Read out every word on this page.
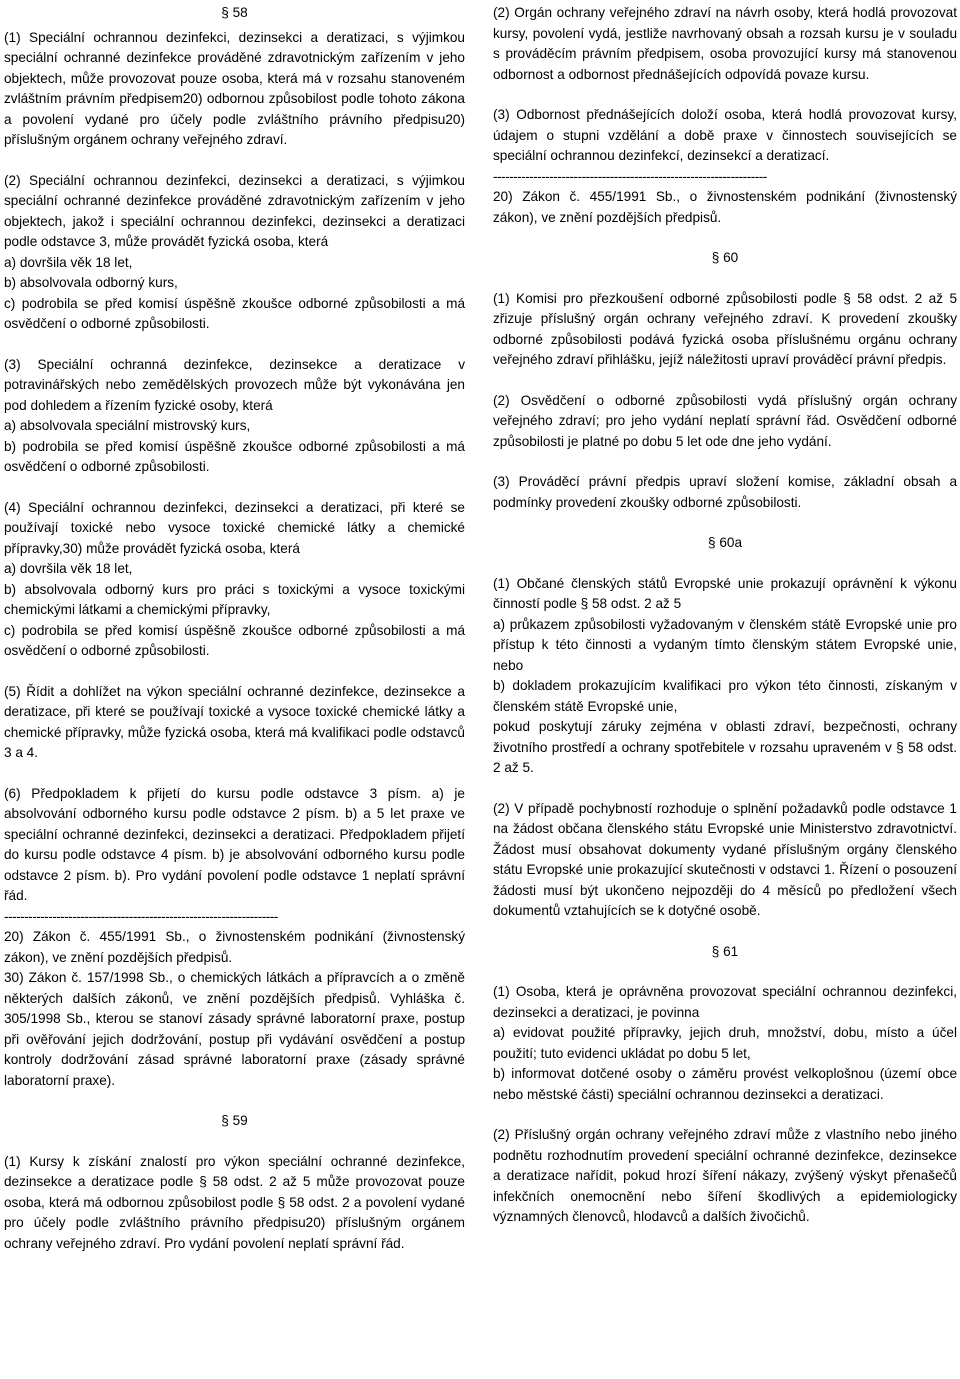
§ 58

(1) Speciální ochrannou dezinfekci, dezinsekci a deratizaci, s výjimkou speciální ochranné dezinfekce prováděné zdravotnickým zařízením v jeho objektech, může provozovat pouze osoba, která má v rozsahu stanoveném zvláštním právním předpisem20) odbornou způsobilost podle tohoto zákona a povolení vydané pro účely podle zvláštního právního předpisu20) příslušným orgánem ochrany veřejného zdraví.

(2) Speciální ochrannou dezinfekci, dezinsekci a deratizaci, s výjimkou speciální ochranné dezinfekce prováděné zdravotnickým zařízením v jeho objektech, jakož i speciální ochrannou dezinfekci, dezinsekci a deratizaci podle odstavce 3, může provádět fyzická osoba, která

a) dovršila věk 18 let,

b) absolvovala odborný kurs,

c) podrobila se před komisí úspěšně zkoušce odborné způsobilosti a má osvědčení o odborné způsobilosti.

(3) Speciální ochranná dezinfekce, dezinsekce a deratizace v potravinářských nebo zemědělských provozech může být vykonávána jen pod dohledem a řízením fyzické osoby, která

a) absolvovala speciální mistrovský kurs,

b) podrobila se před komisí úspěšně zkoušce odborné způsobilosti a má osvědčení o odborné způsobilosti.

(4) Speciální ochrannou dezinfekci, dezinsekci a deratizaci, při které se používají toxické nebo vysoce toxické chemické látky a chemické přípravky,30) může provádět fyzická osoba, která

a) dovršila věk 18 let,

b) absolvovala odborný kurs pro práci s toxickými a vysoce toxickými chemickými látkami a chemickými přípravky,

c) podrobila se před komisí úspěšně zkoušce odborné způsobilosti a má osvědčení o odborné způsobilosti.

(5) Řídit a dohlížet na výkon speciální ochranné dezinfekce, dezinsekce a deratizace, při které se používají toxické a vysoce toxické chemické látky a chemické přípravky, může fyzická osoba, která má kvalifikaci podle odstavců 3 a 4.

(6) Předpokladem k přijetí do kursu podle odstavce 3 písm. a) je absolvování odborného kursu podle odstavce 2 písm. b) a 5 let praxe ve speciální ochranné dezinfekci, dezinsekci a deratizaci. Předpokladem přijetí do kursu podle odstavce 4 písm. b) je absolvování odborného kursu podle odstavce 2 písm. b). Pro vydání povolení podle odstavce 1 neplatí správní řád.

--------------------------------------------------------------------

20) Zákon č. 455/1991 Sb., o živnostenském podnikání (živnostenský zákon), ve znění pozdějších předpisů.

30) Zákon č. 157/1998 Sb., o chemických látkách a přípravcích a o změně některých dalších zákonů, ve znění pozdějších předpisů. Vyhláška č. 305/1998 Sb., kterou se stanoví zásady správné laboratorní praxe, postup při ověřování jejich dodržování, postup při vydávání osvědčení a postup kontroly dodržování zásad správné laboratorní praxe (zásady správné laboratorní praxe).

§ 59

(1) Kursy k získání znalostí pro výkon speciální ochranné dezinfekce, dezinsekce a deratizace podle § 58 odst. 2 až 5 může provozovat pouze osoba, která má odbornou způsobilost podle § 58 odst. 2 a povolení vydané pro účely podle zvláštního právního předpisu20) příslušným orgánem ochrany veřejného zdraví. Pro vydání povolení neplatí správní řád.

(2) Orgán ochrany veřejného zdraví na návrh osoby, která hodlá provozovat kursy, povolení vydá, jestliže navrhovaný obsah a rozsah kursu je v souladu s prováděcím právním předpisem, osoba provozující kursy má stanovenou odbornost a odbornost přednášejících odpovídá povaze kursu.

(3) Odbornost přednášejících doloží osoba, která hodlá provozovat kursy, údajem o stupni vzdělání a době praxe v činnostech souvisejících se speciální ochrannou dezinfekcí, dezinsekcí a deratizací.

--------------------------------------------------------------------

20) Zákon č. 455/1991 Sb., o živnostenském podnikání (živnostenský zákon), ve znění pozdějších předpisů.

§ 60

(1) Komisi pro přezkoušení odborné způsobilosti podle § 58 odst. 2 až 5 zřizuje příslušný orgán ochrany veřejného zdraví. K provedení zkoušky odborné způsobilosti podává fyzická osoba příslušnému orgánu ochrany veřejného zdraví přihlášku, jejíž náležitosti upraví prováděcí právní předpis.

(2) Osvědčení o odborné způsobilosti vydá příslušný orgán ochrany veřejného zdraví; pro jeho vydání neplatí správní řád. Osvědčení odborné způsobilosti je platné po dobu 5 let ode dne jeho vydání.

(3) Prováděcí právní předpis upraví složení komise, základní obsah a podmínky provedení zkoušky odborné způsobilosti.

§ 60a

(1) Občané členských států Evropské unie prokazují oprávnění k výkonu činností podle § 58 odst. 2 až 5

a) průkazem způsobilosti vyžadovaným v členském státě Evropské unie pro přístup k této činnosti a vydaným tímto členským státem Evropské unie, nebo

b) dokladem prokazujícím kvalifikaci pro výkon této činnosti, získaným v členském státě Evropské unie,

pokud poskytují záruky zejména v oblasti zdraví, bezpečnosti, ochrany životního prostředí a ochrany spotřebitele v rozsahu upraveném v § 58 odst. 2 až 5.

(2) V případě pochybností rozhoduje o splnění požadavků podle odstavce 1 na žádost občana členského státu Evropské unie Ministerstvo zdravotnictví. Žádost musí obsahovat dokumenty vydané příslušným orgány členského státu Evropské unie prokazující skutečnosti v odstavci 1. Řízení o posouzení žádosti musí být ukončeno nejpozději do 4 měsíců po předložení všech dokumentů vztahujících se k dotyčné osobě.

§ 61

(1) Osoba, která je oprávněna provozovat speciální ochrannou dezinfekci, dezinsekci a deratizaci, je povinna

a) evidovat použité přípravky, jejich druh, množství, dobu, místo a účel použití; tuto evidenci ukládat po dobu 5 let,

b) informovat dotčené osoby o záměru provést velkoplošnou (území obce nebo městské části) speciální ochrannou dezinsekci a deratizaci.

(2) Příslušný orgán ochrany veřejného zdraví může z vlastního nebo jiného podnětu rozhodnutím provedení speciální ochranné dezinfekce, dezinsekce a deratizace nařídit, pokud hrozí šíření nákazy, zvýšený výskyt přenašečů infekčních onemocnění nebo šíření škodlivých a epidemiologicky významných členovců, hlodavců a dalších živočichů.
